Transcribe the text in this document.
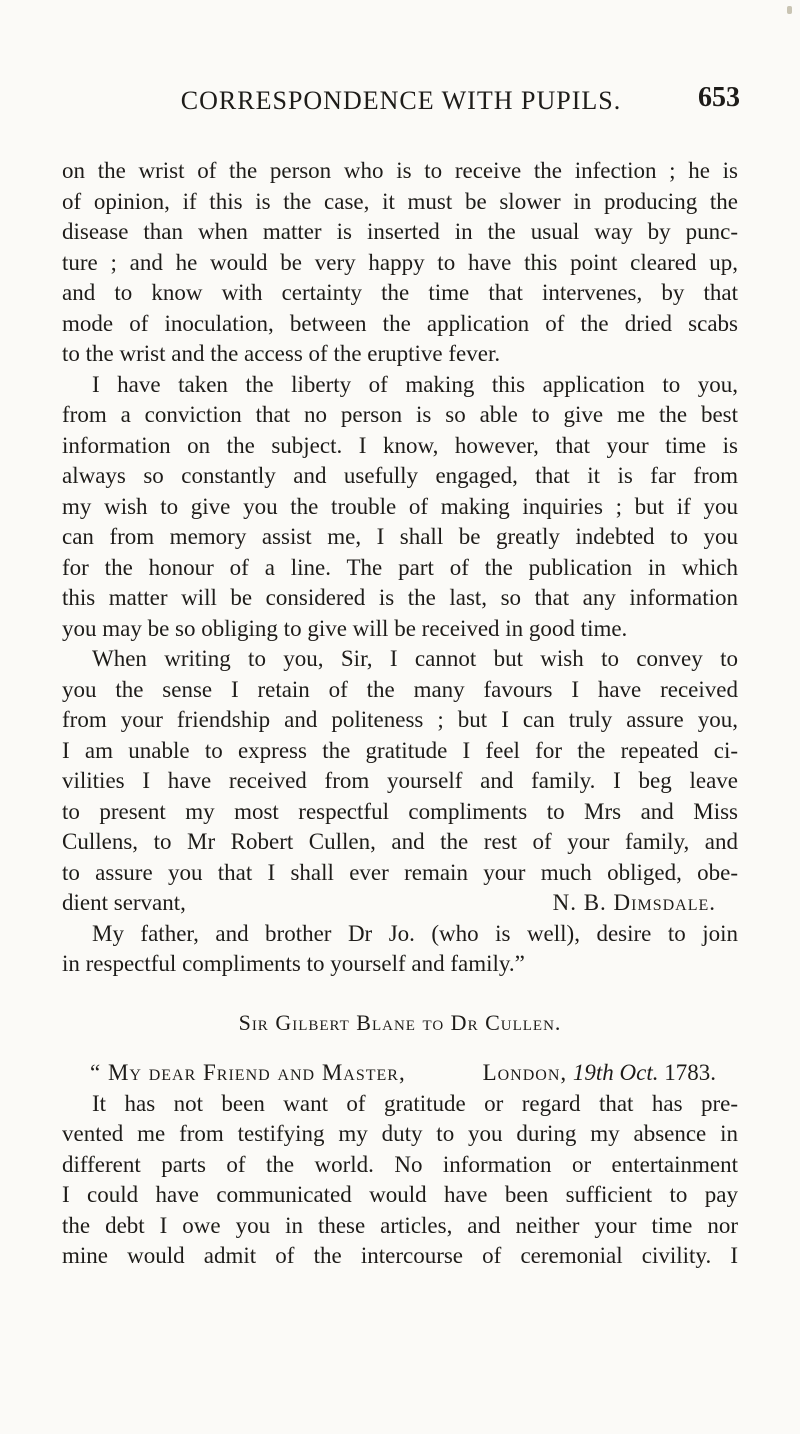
CORRESPONDENCE WITH PUPILS.	653
on the wrist of the person who is to receive the infection ; he is
of opinion, if this is the case, it must be slower in producing the
disease than when matter is inserted in the usual way by punc-
ture ; and he would be very happy to have this point cleared up,
and to know with certainty the time that intervenes, by that
mode of inoculation, between the application of the dried scabs
to the wrist and the access of the eruptive fever.
I have taken the liberty of making this application to you,
from a conviction that no person is so able to give me the best
information on the subject. I know, however, that your time is
always so constantly and usefully engaged, that it is far from
my wish to give you the trouble of making inquiries ; but if you
can from memory assist me, I shall be greatly indebted to you
for the honour of a line. The part of the publication in which
this matter will be considered is the last, so that any information
you may be so obliging to give will be received in good time.
When writing to you, Sir, I cannot but wish to convey to
you the sense I retain of the many favours I have received
from your friendship and politeness ; but I can truly assure you,
I am unable to express the gratitude I feel for the repeated ci-
vilities I have received from yourself and family. I beg leave
to present my most respectful compliments to Mrs and Miss
Cullens, to Mr Robert Cullen, and the rest of your family, and
to assure you that I shall ever remain your much obliged, obe-
dient servant,	N. B. Dimsdale.
My father, and brother Dr Jo. (who is well), desire to join
in respectful compliments to yourself and family.”
Sir Gilbert Blane to Dr Cullen.
“ My dear Friend and Master,	London, 19th Oct. 1783.
It has not been want of gratitude or regard that has pre-
vented me from testifying my duty to you during my absence in
different parts of the world. No information or entertainment
I could have communicated would have been sufficient to pay
the debt I owe you in these articles, and neither your time nor
mine would admit of the intercourse of ceremonial civility. I
